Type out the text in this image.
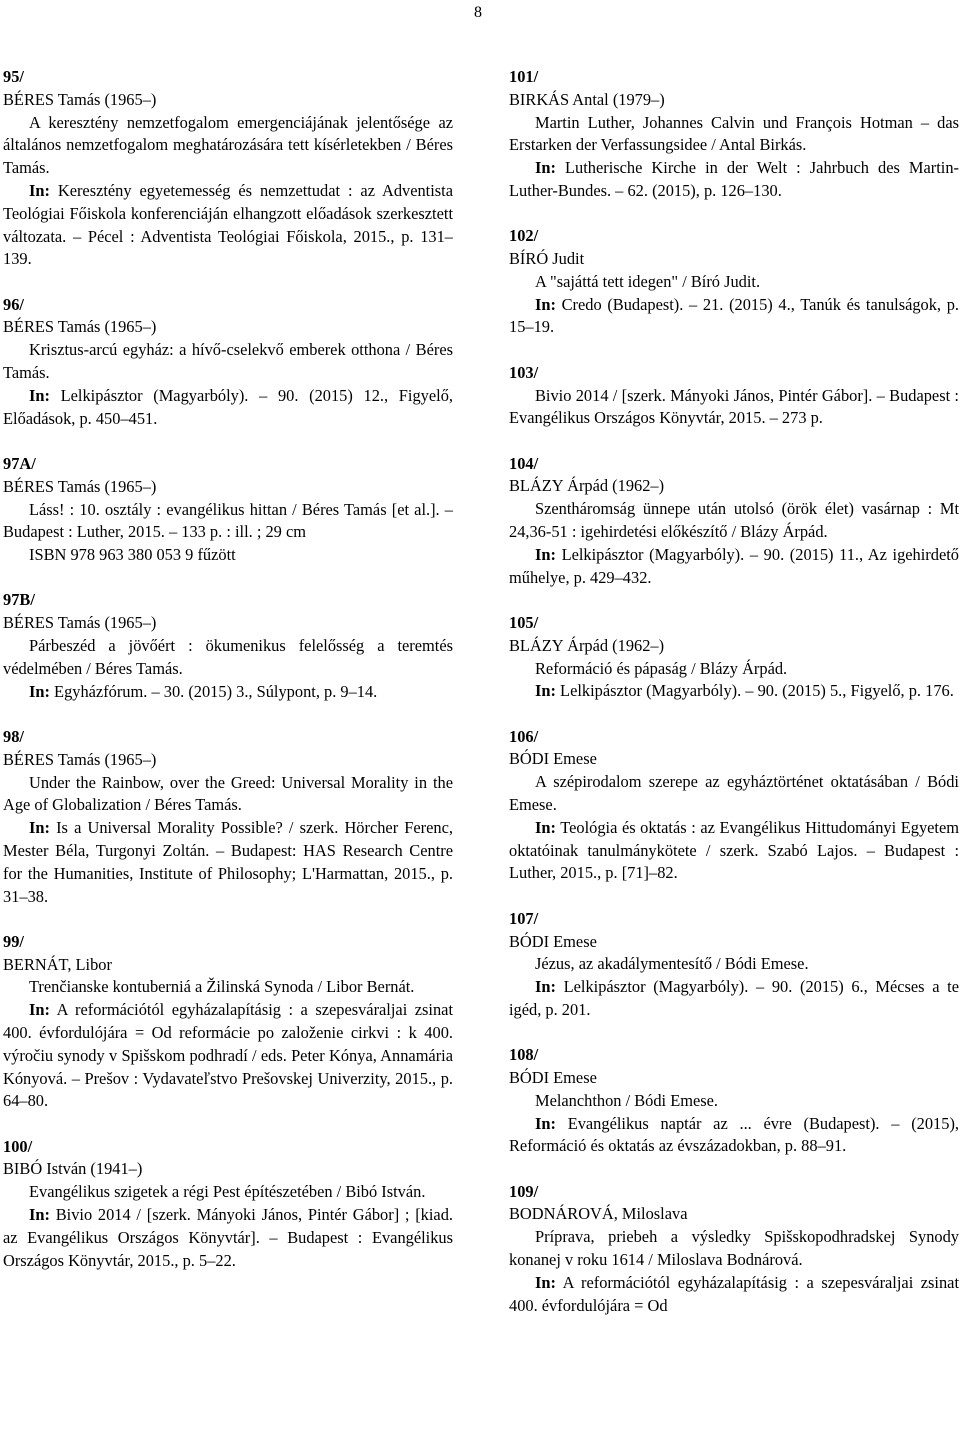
8
95/
BÉRES Tamás (1965–)
A keresztény nemzetfogalom emergenciájának jelentősége az általános nemzetfogalom meghatározására tett kísérletekben / Béres Tamás.
In: Keresztény egyetemesség és nemzettudat : az Adventista Teológiai Főiskola konferenciáján elhangzott előadások szerkesztett változata. – Pécel : Adventista Teológiai Főiskola, 2015., p. 131–139.
96/
BÉRES Tamás (1965–)
Krisztus-arcú egyház: a hívő-cselekvő emberek otthona / Béres Tamás.
In: Lelkipásztor (Magyarbóly). – 90. (2015) 12., Figyelő, Előadások, p. 450–451.
97A/
BÉRES Tamás (1965–)
Láss! : 10. osztály : evangélikus hittan / Béres Tamás [et al.]. – Budapest : Luther, 2015. – 133 p. : ill. ; 29 cm
ISBN 978 963 380 053 9 fűzött
97B/
BÉRES Tamás (1965–)
Párbeszéd a jövőért : ökumenikus felelősség a teremtés védelmében / Béres Tamás.
In: Egyházfórum. – 30. (2015) 3., Súlypont, p. 9–14.
98/
BÉRES Tamás (1965–)
Under the Rainbow, over the Greed: Universal Morality in the Age of Globalization / Béres Tamás.
In: Is a Universal Morality Possible? / szerk. Hörcher Ferenc, Mester Béla, Turgonyi Zoltán. – Budapest: HAS Research Centre for the Humanities, Institute of Philosophy; L'Harmattan, 2015., p. 31–38.
99/
BERNÁT, Libor
Trenčianske kontuberniá a Žilinská Synoda / Libor Bernát.
In: A reformációtól egyházalapításig : a szepesváraljai zsinat 400. évfordulójára = Od reformácie po založenie cirkvi : k 400. výročiu synody v Spišskom podhradí / eds. Peter Kónya, Annamária Kónyová. – Prešov : Vydavateľstvo Prešovskej Univerzity, 2015., p. 64–80.
100/
BIBÓ István (1941–)
Evangélikus szigetek a régi Pest építészetében / Bibó István.
In: Bivio 2014 / [szerk. Mányoki János, Pintér Gábor] ; [kiad. az Evangélikus Országos Könyvtár]. – Budapest : Evangélikus Országos Könyvtár, 2015., p. 5–22.
101/
BIRKÁS Antal (1979–)
Martin Luther, Johannes Calvin und François Hotman – das Erstarken der Verfassungsidee / Antal Birkás.
In: Lutherische Kirche in der Welt : Jahrbuch des Martin-Luther-Bundes. – 62. (2015), p. 126–130.
102/
BÍRÓ Judit
A "sajáttá tett idegen" / Bíró Judit.
In: Credo (Budapest). – 21. (2015) 4., Tanúk és tanulságok, p. 15–19.
103/
Bivio 2014 / [szerk. Mányoki János, Pintér Gábor]. – Budapest : Evangélikus Országos Könyvtár, 2015. – 273 p.
104/
BLÁZY Árpád (1962–)
Szentháromság ünnepe után utolsó (örök élet) vasárnap : Mt 24,36-51 : igehirdetési előkészítő / Blázy Árpád.
In: Lelkipásztor (Magyarbóly). – 90. (2015) 11., Az igehirdető műhelye, p. 429–432.
105/
BLÁZY Árpád (1962–)
Reformáció és pápaság / Blázy Árpád.
In: Lelkipásztor (Magyarbóly). – 90. (2015) 5., Figyelő, p. 176.
106/
BÓDI Emese
A szépirodalom szerepe az egyháztörténet oktatásában / Bódi Emese.
In: Teológia és oktatás : az Evangélikus Hittudományi Egyetem oktatóinak tanulmánykötete / szerk. Szabó Lajos. – Budapest : Luther, 2015., p. [71]–82.
107/
BÓDI Emese
Jézus, az akadálymentesítő / Bódi Emese.
In: Lelkipásztor (Magyarbóly). – 90. (2015) 6., Mécses a te igéd, p. 201.
108/
BÓDI Emese
Melanchthon / Bódi Emese.
In: Evangélikus naptár az ... évre (Budapest). – (2015), Reformáció és oktatás az évszázadokban, p. 88–91.
109/
BODNÁROVÁ, Miloslava
Príprava, priebeh a výsledky Spišskopodhradskej Synody konanej v roku 1614 / Miloslava Bodnárová.
In: A reformációtól egyházalapításig : a szepesváraljai zsinat 400. évfordulójára = Od
